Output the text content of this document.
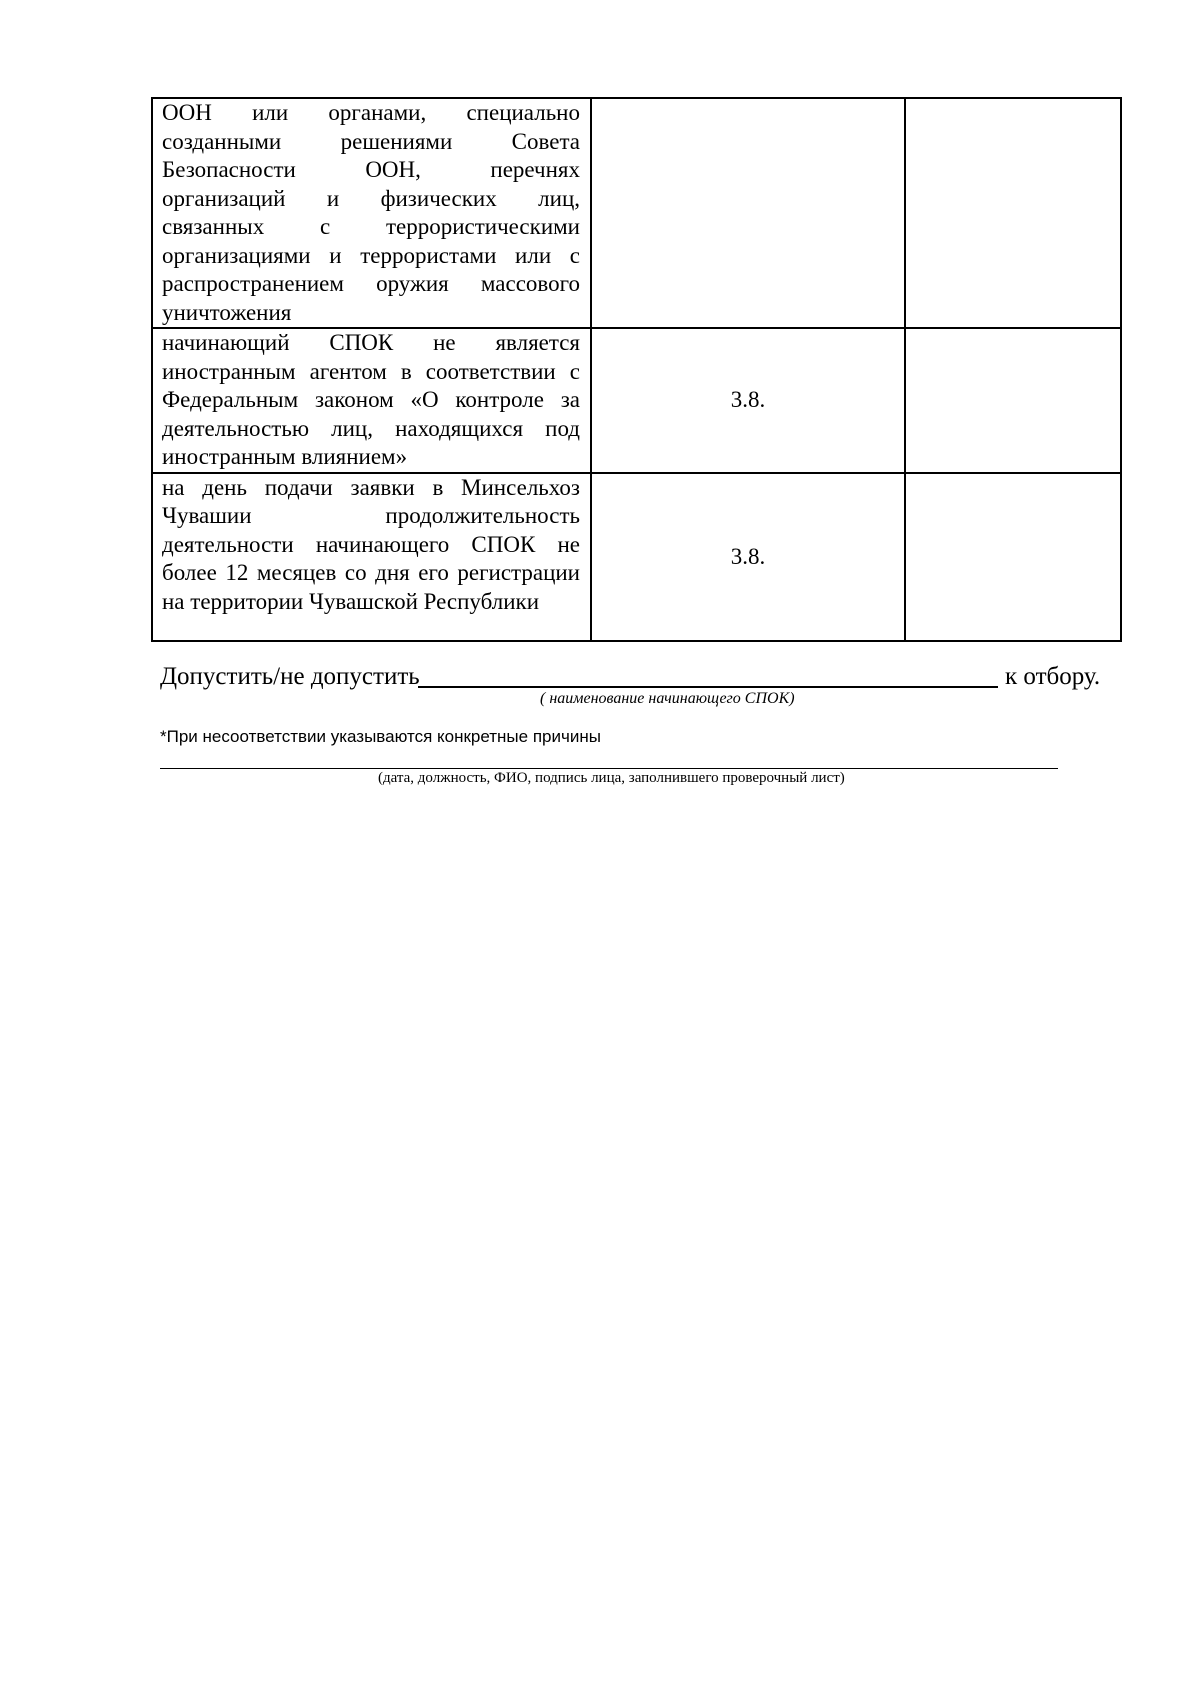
ООН или органами, специально созданными решениями Совета Безопасности ООН, перечнях организаций и физических лиц, связанных с террористическими организациями и террористами или с распространением оружия массового уничтожения		

начинающий СПОК не является иностранным агентом в соответствии с Федеральным законом «О контроле за деятельностью лиц, находящихся под иностранным влиянием»	3.8.	

на день подачи заявки в Минсельхоз Чувашии продолжительность деятельности начинающего СПОК не более 12 месяцев со дня его регистрации на территории Чувашской Республики	3.8.	
Допустить/не допустить	к отбору.
( наименование начинающего СПОК)
*При несоответствии указываются конкретные причины
(дата, должность, ФИО, подпись лица, заполнившего проверочный лист)
